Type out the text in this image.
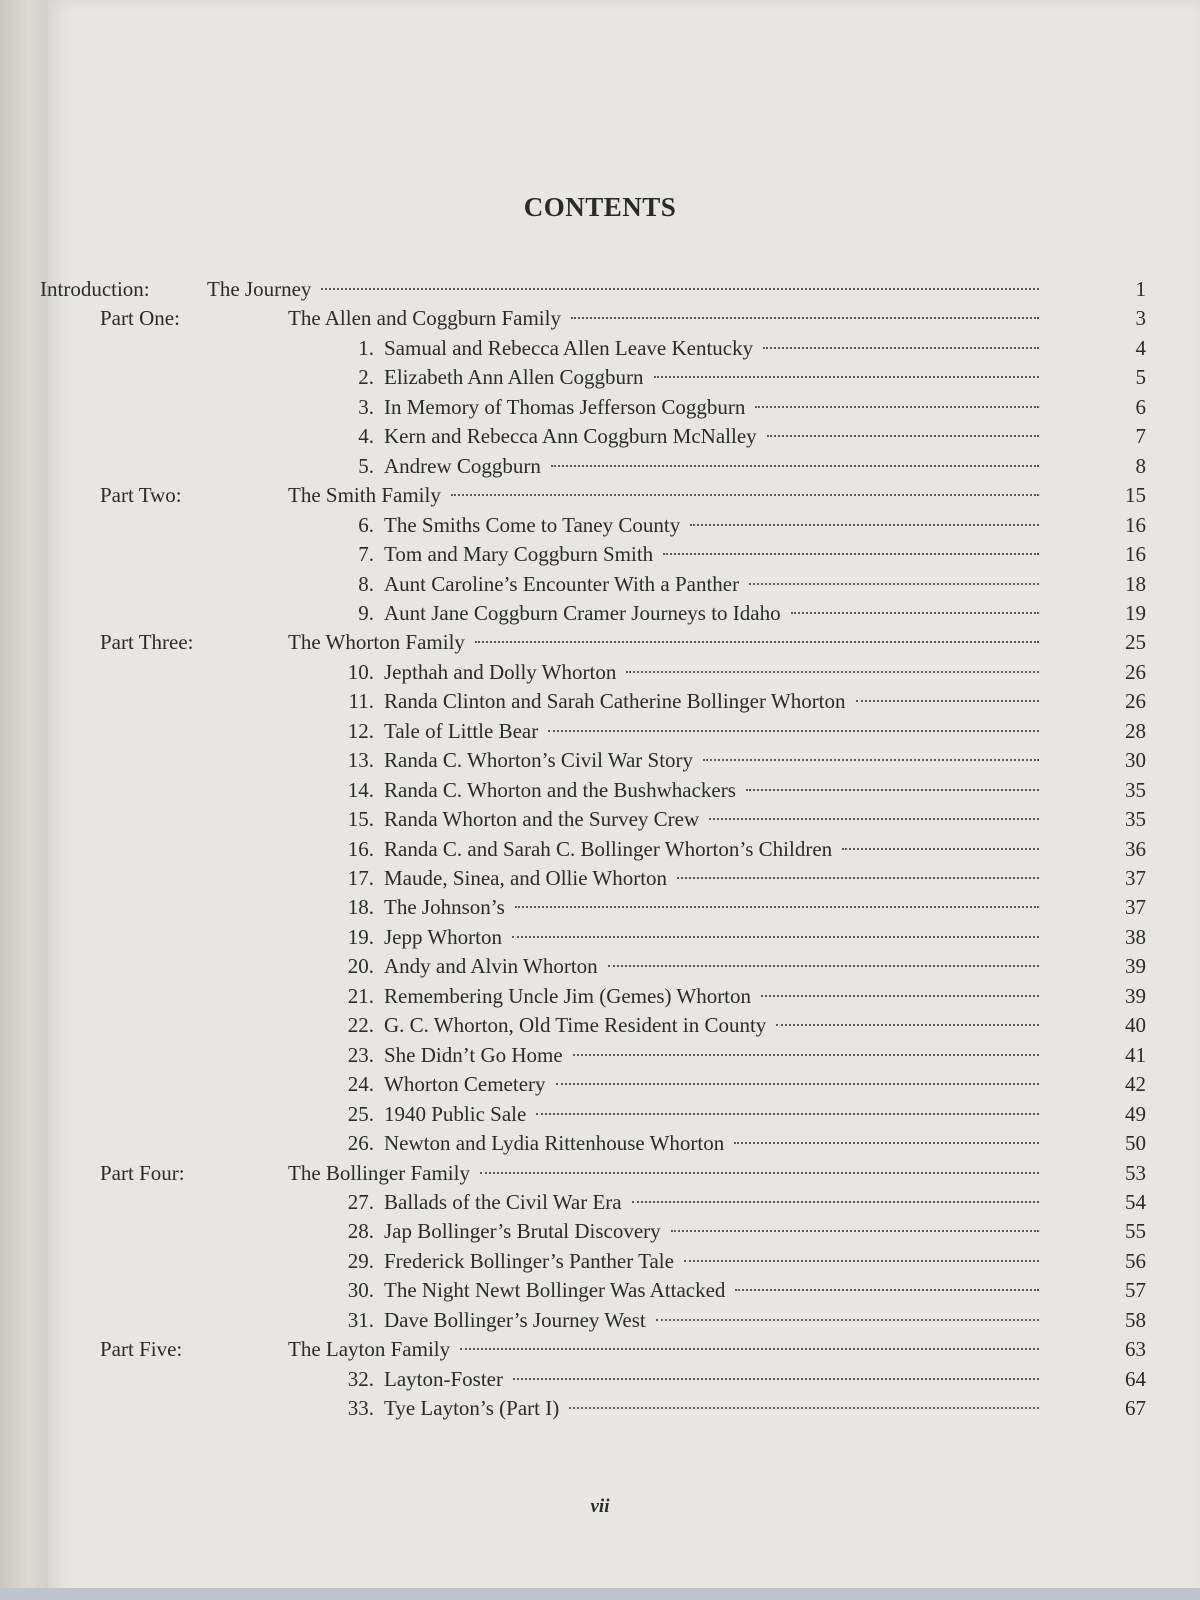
CONTENTS
Introduction:	The Journey	1
Part One:	The Allen and Coggburn Family	3
1. Samual and Rebecca Allen Leave Kentucky	4
2. Elizabeth Ann Allen Coggburn	5
3. In Memory of Thomas Jefferson Coggburn	6
4. Kern and Rebecca Ann Coggburn McNalley	7
5. Andrew Coggburn	8
Part Two:	The Smith Family	15
6. The Smiths Come to Taney County	16
7. Tom and Mary Coggburn Smith	16
8. Aunt Caroline’s Encounter With a Panther	18
9. Aunt Jane Coggburn Cramer Journeys to Idaho	19
Part Three:	The Whorton Family	25
10. Jepthah and Dolly Whorton	26
11. Randa Clinton and Sarah Catherine Bollinger Whorton	26
12. Tale of Little Bear	28
13. Randa C. Whorton’s Civil War Story	30
14. Randa C. Whorton and the Bushwhackers	35
15. Randa Whorton and the Survey Crew	35
16. Randa C. and Sarah C. Bollinger Whorton’s Children	36
17. Maude, Sinea, and Ollie Whorton	37
18. The Johnson’s	37
19. Jepp Whorton	38
20. Andy and Alvin Whorton	39
21. Remembering Uncle Jim (Gemes) Whorton	39
22. G. C. Whorton, Old Time Resident in County	40
23. She Didn’t Go Home	41
24. Whorton Cemetery	42
25. 1940 Public Sale	49
26. Newton and Lydia Rittenhouse Whorton	50
Part Four:	The Bollinger Family	53
27. Ballads of the Civil War Era	54
28. Jap Bollinger’s Brutal Discovery	55
29. Frederick Bollinger’s Panther Tale	56
30. The Night Newt Bollinger Was Attacked	57
31. Dave Bollinger’s Journey West	58
Part Five:	The Layton Family	63
32. Layton-Foster	64
33. Tye Layton’s (Part I)	67
vii
